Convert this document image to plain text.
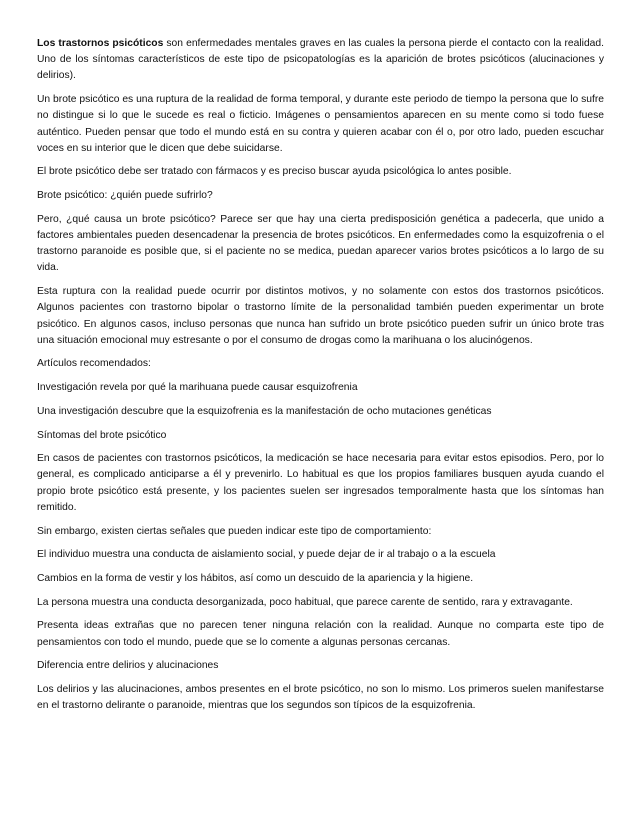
Los trastornos psicóticos son enfermedades mentales graves en las cuales la persona pierde el contacto con la realidad. Uno de los síntomas característicos de este tipo de psicopatologías es la aparición de brotes psicóticos (alucinaciones y delirios).

Un brote psicótico es una ruptura de la realidad de forma temporal, y durante este periodo de tiempo la persona que lo sufre no distingue si lo que le sucede es real o ficticio. Imágenes o pensamientos aparecen en su mente como si todo fuese auténtico. Pueden pensar que todo el mundo está en su contra y quieren acabar con él o, por otro lado, pueden escuchar voces en su interior que le dicen que debe suicidarse.

El brote psicótico debe ser tratado con fármacos y es preciso buscar ayuda psicológica lo antes posible.

Brote psicótico: ¿quién puede sufrirlo?

Pero, ¿qué causa un brote psicótico? Parece ser que hay una cierta predisposición genética a padecerla, que unido a factores ambientales pueden desencadenar la presencia de brotes psicóticos. En enfermedades como la esquizofrenia o el trastorno paranoide es posible que, si el paciente no se medica, puedan aparecer varios brotes psicóticos a lo largo de su vida.

Esta ruptura con la realidad puede ocurrir por distintos motivos, y no solamente con estos dos trastornos psicóticos. Algunos pacientes con trastorno bipolar o trastorno límite de la personalidad también pueden experimentar un brote psicótico. En algunos casos, incluso personas que nunca han sufrido un brote psicótico pueden sufrir un único brote tras una situación emocional muy estresante o por el consumo de drogas como la marihuana o los alucinógenos.

Artículos recomendados:

Investigación revela por qué la marihuana puede causar esquizofrenia

Una investigación descubre que la esquizofrenia es la manifestación de ocho mutaciones genéticas

Síntomas del brote psicótico

En casos de pacientes con trastornos psicóticos, la medicación se hace necesaria para evitar estos episodios. Pero, por lo general, es complicado anticiparse a él y prevenirlo. Lo habitual es que los propios familiares busquen ayuda cuando el propio brote psicótico está presente, y los pacientes suelen ser ingresados temporalmente hasta que los síntomas han remitido.

Sin embargo, existen ciertas señales que pueden indicar este tipo de comportamiento:

El individuo muestra una conducta de aislamiento social, y puede dejar de ir al trabajo o a la escuela

Cambios en la forma de vestir y los hábitos, así como un descuido de la apariencia y la higiene.

La persona muestra una conducta desorganizada, poco habitual, que parece carente de sentido, rara y extravagante.

Presenta ideas extrañas que no parecen tener ninguna relación con la realidad. Aunque no comparta este tipo de pensamientos con todo el mundo, puede que se lo comente a algunas personas cercanas.

Diferencia entre delirios y alucinaciones

Los delirios y las alucinaciones, ambos presentes en el brote psicótico, no son lo mismo. Los primeros suelen manifestarse en el trastorno delirante o paranoide, mientras que los segundos son típicos de la esquizofrenia.
